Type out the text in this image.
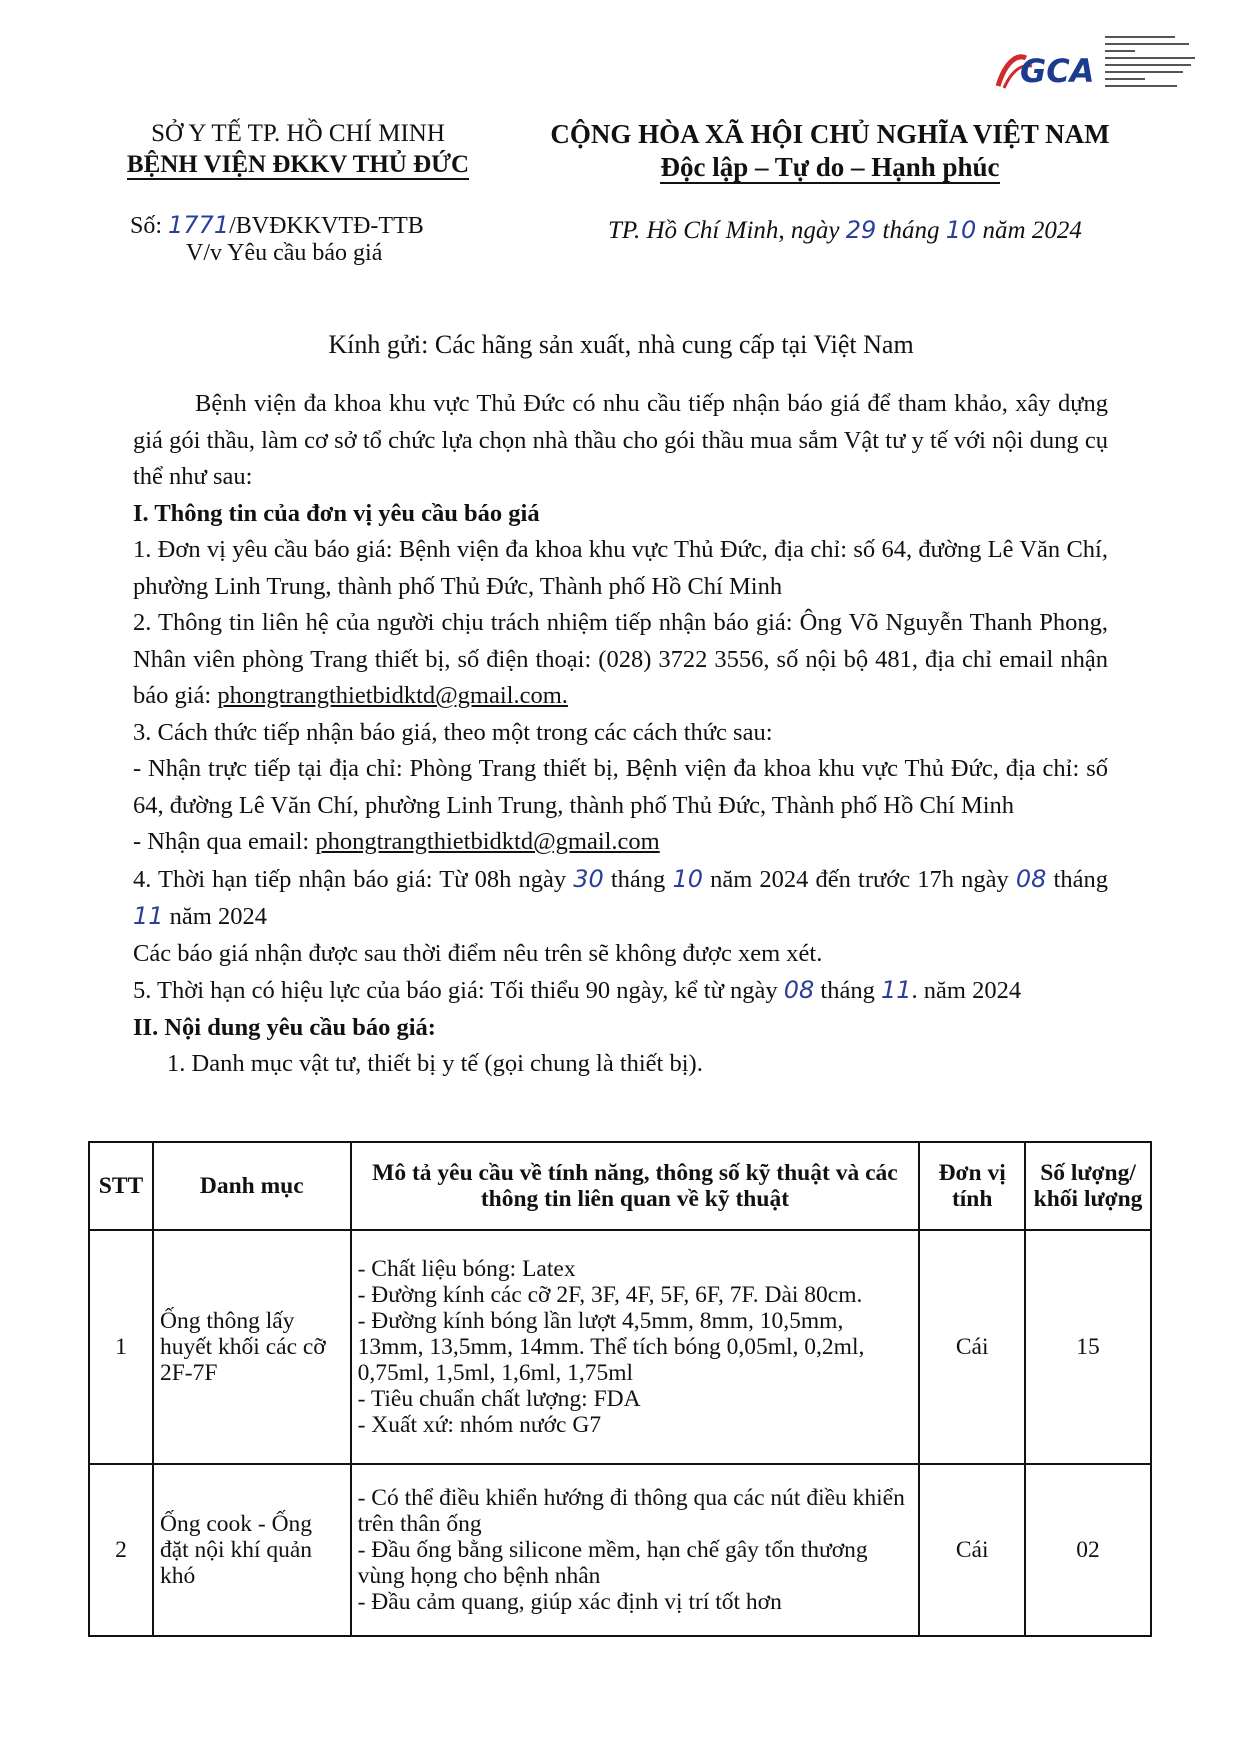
GCA
SỞ Y TẾ TP. HỒ CHÍ MINH
BỆNH VIỆN ĐKKV THỦ ĐỨC
CỘNG HÒA XÃ HỘI CHỦ NGHĨA VIỆT NAM
Độc lập – Tự do – Hạnh phúc
Số: 1771/BVĐKKVTĐ-TTB
V/v Yêu cầu báo giá
TP. Hồ Chí Minh, ngày 29 tháng 10 năm 2024
Kính gửi: Các hãng sản xuất, nhà cung cấp tại Việt Nam

Bệnh viện đa khoa khu vực Thủ Đức có nhu cầu tiếp nhận báo giá để tham khảo, xây dựng giá gói thầu, làm cơ sở tổ chức lựa chọn nhà thầu cho gói thầu mua sắm Vật tư y tế với nội dung cụ thể như sau:

I. Thông tin của đơn vị yêu cầu báo giá

1. Đơn vị yêu cầu báo giá: Bệnh viện đa khoa khu vực Thủ Đức, địa chỉ: số 64, đường Lê Văn Chí, phường Linh Trung, thành phố Thủ Đức, Thành phố Hồ Chí Minh

2. Thông tin liên hệ của người chịu trách nhiệm tiếp nhận báo giá: Ông Võ Nguyễn Thanh Phong, Nhân viên phòng Trang thiết bị, số điện thoại: (028) 3722 3556, số nội bộ 481, địa chỉ email nhận báo giá: phongtrangthietbidktd@gmail.com.

3. Cách thức tiếp nhận báo giá, theo một trong các cách thức sau:

- Nhận trực tiếp tại địa chỉ: Phòng Trang thiết bị, Bệnh viện đa khoa khu vực Thủ Đức, địa chỉ: số 64, đường Lê Văn Chí, phường Linh Trung, thành phố Thủ Đức, Thành phố Hồ Chí Minh

- Nhận qua email: phongtrangthietbidktd@gmail.com

4. Thời hạn tiếp nhận báo giá: Từ 08h ngày 30 tháng 10 năm 2024 đến trước 17h ngày 08 tháng 11 năm 2024

Các báo giá nhận được sau thời điểm nêu trên sẽ không được xem xét.

5. Thời hạn có hiệu lực của báo giá: Tối thiểu 90 ngày, kể từ ngày 08 tháng 11. năm 2024

II. Nội dung yêu cầu báo giá:

1. Danh mục vật tư, thiết bị y tế (gọi chung là thiết bị).

STT	Danh mục	Mô tả yêu cầu về tính năng, thông số kỹ thuật và các thông tin liên quan về kỹ thuật	Đơn vị tính	Số lượng/ khối lượng
1	Ống thông lấy huyết khối các cỡ 2F-7F	- Chất liệu bóng: Latex
- Đường kính các cỡ 2F, 3F, 4F, 5F, 6F, 7F. Dài 80cm.
- Đường kính bóng lần lượt 4,5mm, 8mm, 10,5mm, 13mm, 13,5mm, 14mm. Thể tích bóng 0,05ml, 0,2ml, 0,75ml, 1,5ml, 1,6ml, 1,75ml
- Tiêu chuẩn chất lượng: FDA
- Xuất xứ: nhóm nước G7	Cái	15
2	Ống cook - Ống đặt nội khí quản khó	- Có thể điều khiển hướng đi thông qua các nút điều khiển trên thân ống
- Đầu ống bằng silicone mềm, hạn chế gây tổn thương vùng họng cho bệnh nhân
- Đầu cảm quang, giúp xác định vị trí tốt hơn	Cái	02
